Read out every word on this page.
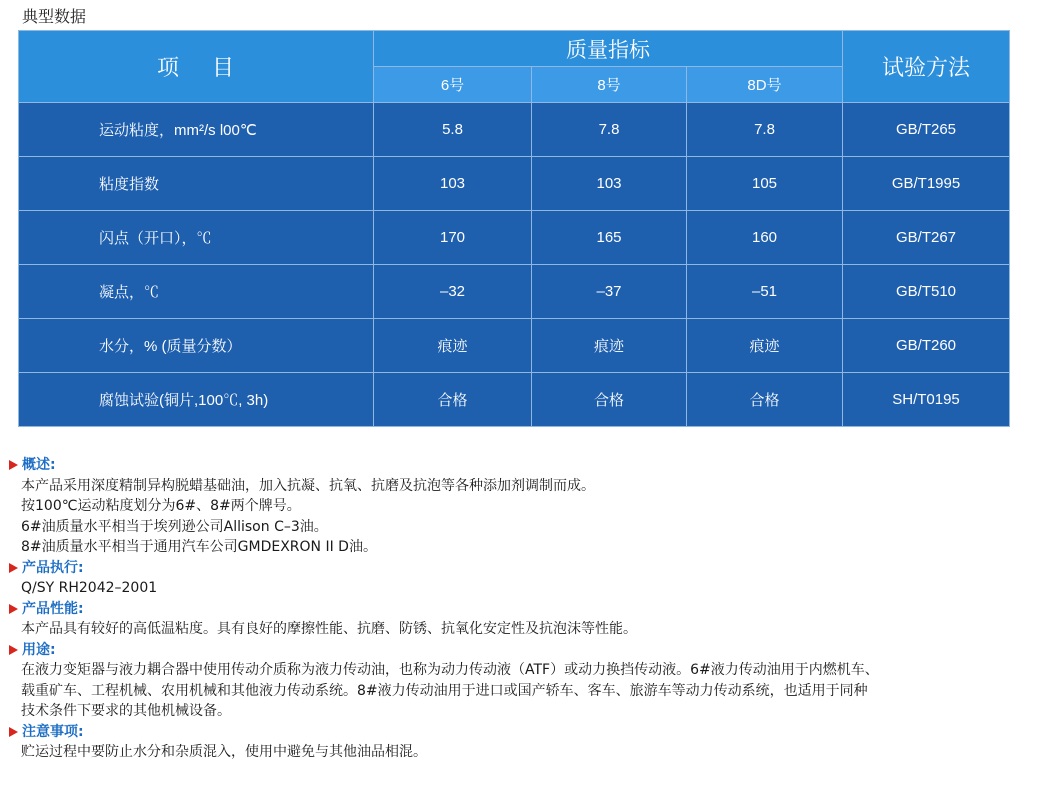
典型数据
项 目	质量指标			试验方法
	6号	8号	8D号	
运动粘度，mm²/s l00℃	5.8	7.8	7.8	GB/T265
粘度指数	103	103	105	GB/T1995
闪点（开口），℃	170	165	160	GB/T267
凝点，℃	–32	–37	–51	GB/T510
水分，% (质量分数）	痕迹	痕迹	痕迹	GB/T260
腐蚀试验(铜片,100℃, 3h)	合格	合格	合格	SH/T0195
概述:
本产品采用深度精制异构脱蜡基础油，加入抗凝、抗氧、抗磨及抗泡等各种添加剂调制而成。
按100℃运动粘度划分为6#、8#两个牌号。
6#油质量水平相当于埃列逊公司Allison C–3油。
8#油质量水平相当于通用汽车公司GMDEXRON II D油。
产品执行:
Q/SY RH2042–2001
产品性能:
本产品具有较好的高低温粘度。具有良好的摩擦性能、抗磨、防锈、抗氧化安定性及抗泡沫等性能。
用途:
在液力变矩器与液力耦合器中使用传动介质称为液力传动油，也称为动力传动液（ATF）或动力换挡传动液。6#液力传动油用于内燃机车、
载重矿车、工程机械、农用机械和其他液力传动系统。8#液力传动油用于进口或国产轿车、客车、旅游车等动力传动系统，也适用于同种
技术条件下要求的其他机械设备。
注意事项:
贮运过程中要防止水分和杂质混入，使用中避免与其他油品相混。
